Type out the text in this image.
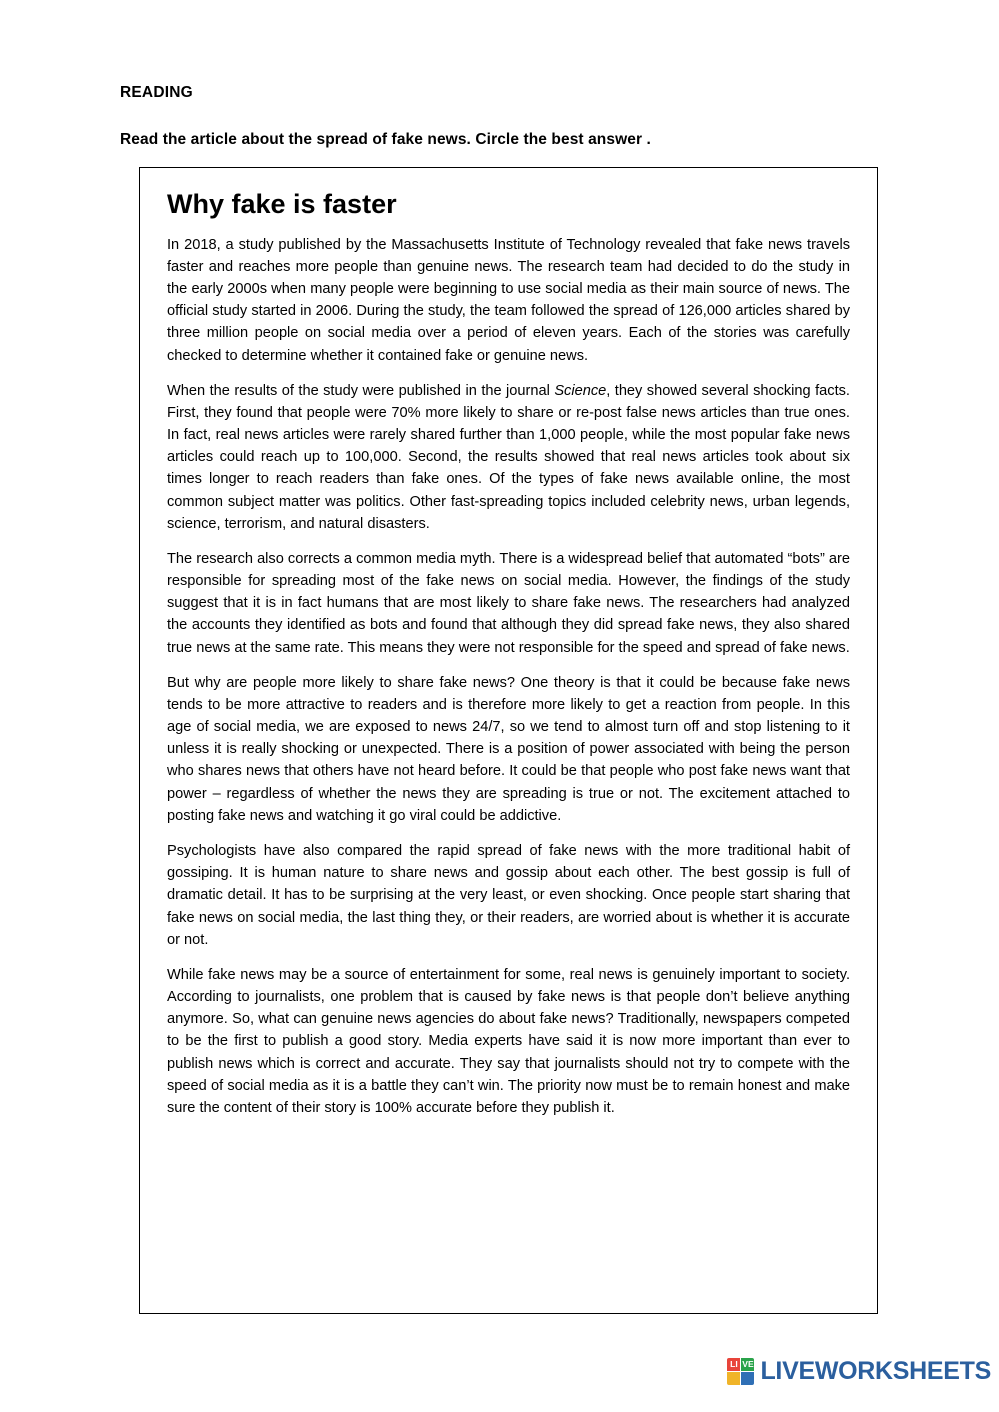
READING
Read the article about the spread of fake news. Circle the best answer .
Why fake is faster

In 2018, a study published by the Massachusetts Institute of Technology revealed that fake news travels faster and reaches more people than genuine news. The research team had decided to do the study in the early 2000s when many people were beginning to use social media as their main source of news. The official study started in 2006. During the study, the team followed the spread of 126,000 articles shared by three million people on social media over a period of eleven years. Each of the stories was carefully checked to determine whether it contained fake or genuine news.

When the results of the study were published in the journal Science, they showed several shocking facts. First, they found that people were 70% more likely to share or re-post false news articles than true ones. In fact, real news articles were rarely shared further than 1,000 people, while the most popular fake news articles could reach up to 100,000. Second, the results showed that real news articles took about six times longer to reach readers than fake ones. Of the types of fake news available online, the most common subject matter was politics. Other fast-spreading topics included celebrity news, urban legends, science, terrorism, and natural disasters.

The research also corrects a common media myth. There is a widespread belief that automated “bots” are responsible for spreading most of the fake news on social media. However, the findings of the study suggest that it is in fact humans that are most likely to share fake news. The researchers had analyzed the accounts they identified as bots and found that although they did spread fake news, they also shared true news at the same rate. This means they were not responsible for the speed and spread of fake news.

But why are people more likely to share fake news? One theory is that it could be because fake news tends to be more attractive to readers and is therefore more likely to get a reaction from people. In this age of social media, we are exposed to news 24/7, so we tend to almost turn off and stop listening to it unless it is really shocking or unexpected. There is a position of power associated with being the person who shares news that others have not heard before. It could be that people who post fake news want that power – regardless of whether the news they are spreading is true or not. The excitement attached to posting fake news and watching it go viral could be addictive.

Psychologists have also compared the rapid spread of fake news with the more traditional habit of gossiping. It is human nature to share news and gossip about each other. The best gossip is full of dramatic detail. It has to be surprising at the very least, or even shocking. Once people start sharing that fake news on social media, the last thing they, or their readers, are worried about is whether it is accurate or not.

While fake news may be a source of entertainment for some, real news is genuinely important to society. According to journalists, one problem that is caused by fake news is that people don’t believe anything anymore. So, what can genuine news agencies do about fake news? Traditionally, newspapers competed to be the first to publish a good story. Media experts have said it is now more important than ever to publish news which is correct and accurate. They say that journalists should not try to compete with the speed of social media as it is a battle they can’t win. The priority now must be to remain honest and make sure the content of their story is 100% accurate before they publish it.

LI VE LIVEWORKSHEETS
